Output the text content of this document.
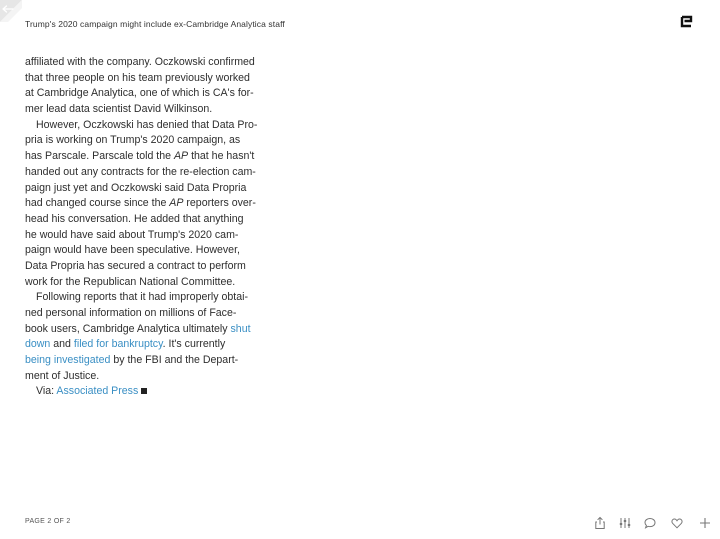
Trump's 2020 campaign might include ex-Cambridge Analytica staff
affiliated with the company. Oczkowski confirmed
that three people on his team previously worked
at Cambridge Analytica, one of which is CA's for-
mer lead data scientist David Wilkinson.
However, Oczkowski has denied that Data Pro-
pria is working on Trump's 2020 campaign, as
has Parscale. Parscale told the AP that he hasn't
handed out any contracts for the re-election cam-
paign just yet and Oczkowski said Data Propria
had changed course since the AP reporters over-
head his conversation. He added that anything
he would have said about Trump's 2020 cam-
paign would have been speculative. However,
Data Propria has secured a contract to perform
work for the Republican National Committee.
Following reports that it had improperly obtai-
ned personal information on millions of Face-
book users, Cambridge Analytica ultimately shut
down and filed for bankruptcy. It's currently
being investigated by the FBI and the Depart-
ment of Justice.
Via: Associated Press
PAGE 2 OF 2
